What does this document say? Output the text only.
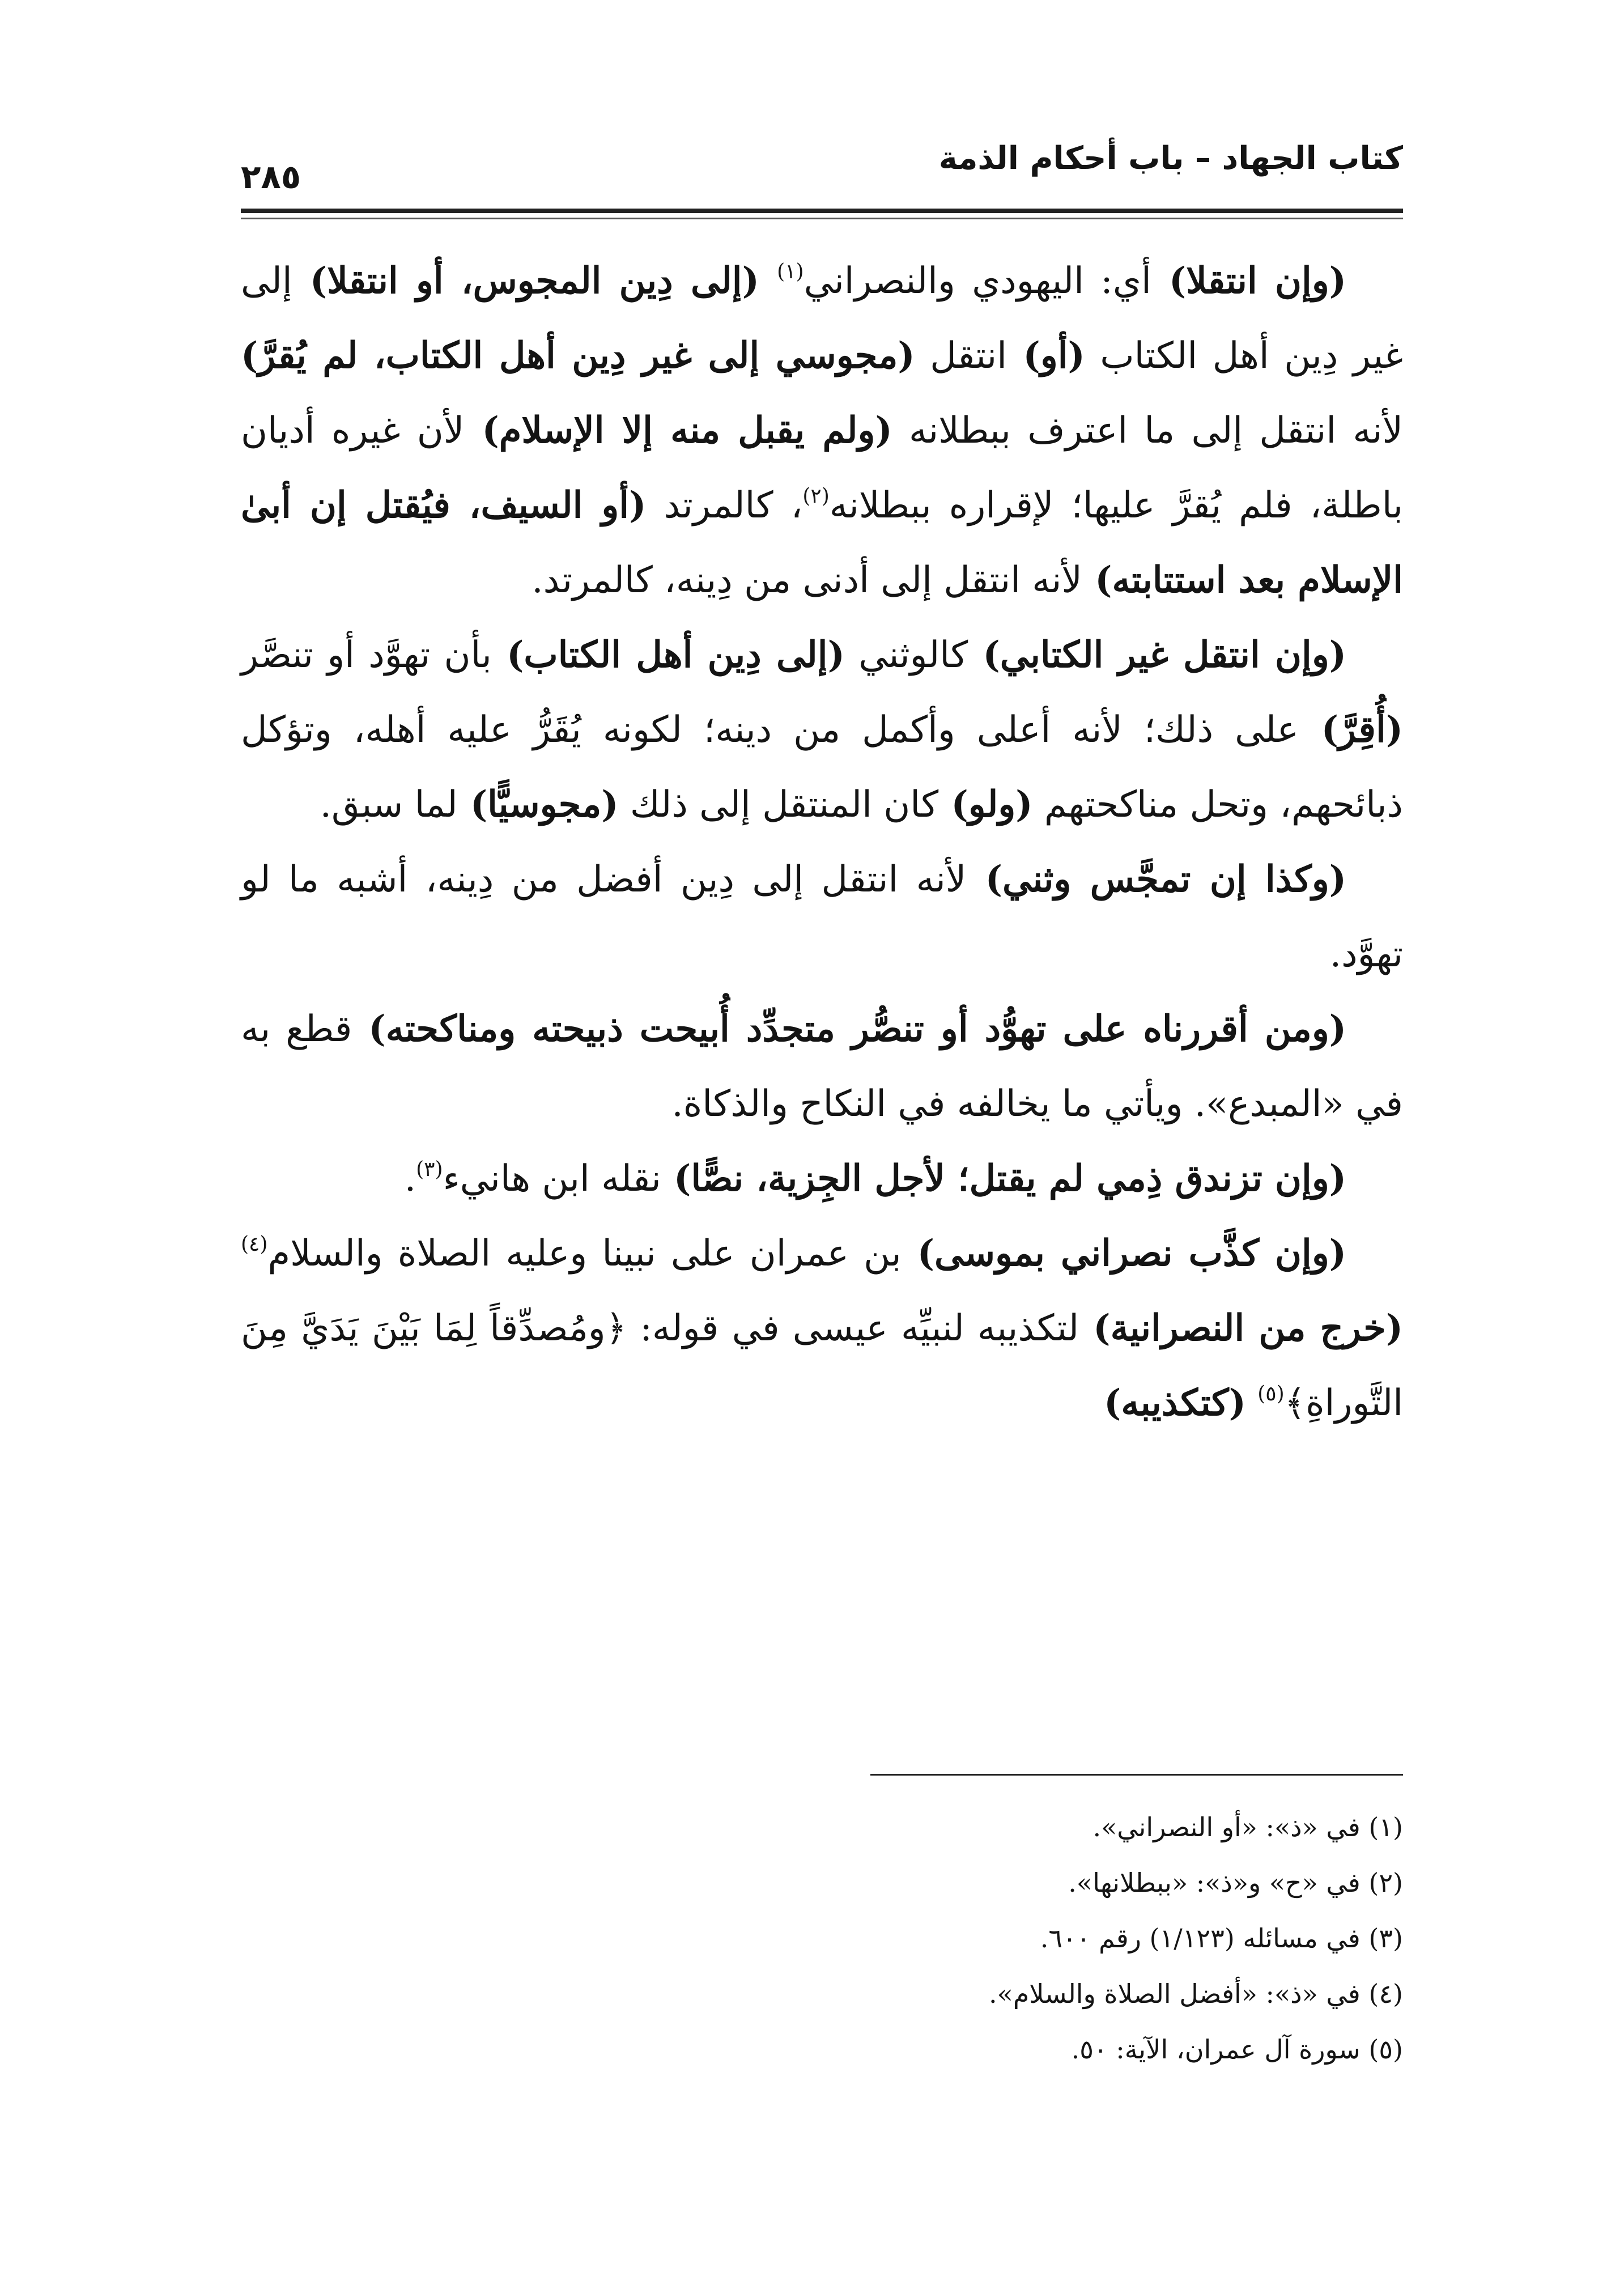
كتاب الجهاد – باب أحكام الذمة
٢٨٥

(وإن انتقلا) أي: اليهودي والنصراني$^{(١)}$ (إلى دِين المجوس، أو انتقلا) إلى غير دِين أهل الكتاب (أو) انتقل (مجوسي إلى غير دِين أهل الكتاب، لم يُقرَّ) لأنه انتقل إلى ما اعترف ببطلانه (ولم يقبل منه إلا الإسلام) لأن غيره أديان باطلة، فلم يُقرَّ عليها؛ لإقراره ببطلانه$^{(٢)}$، كالمرتد (أو السيف، فيُقتل إن أبىٰ الإسلام بعد استتابته) لأنه انتقل إلى أدنى من دِينه، كالمرتد.

(وإن انتقل غير الكتابي) كالوثني (إلى دِين أهل الكتاب) بأن تهوَّد أو تنصَّر (أُقِرَّ) على ذلك؛ لأنه أعلى وأكمل من دينه؛ لكونه يُقَرُّ عليه أهله، وتؤكل ذبائحهم، وتحل مناكحتهم (ولو) كان المنتقل إلى ذلك (مجوسيًّا) لما سبق.

(وكذا إن تمجَّس وثني) لأنه انتقل إلى دِين أفضل من دِينه، أشبه ما لو تهوَّد.

(ومن أقررناه على تهوُّد أو تنصُّر متجدِّد أُبيحت ذبيحته ومناكحته) قطع به في «المبدع». ويأتي ما يخالفه في النكاح والذكاة.

(وإن تزندق ذِمي لم يقتل؛ لأجل الجِزية، نصًّا) نقله ابن هانيء$^{(٣)}$.

(وإن كذَّب نصراني بموسى) بن عمران على نبينا وعليه الصلاة والسلام$^{(٤)}$ (خرج من النصرانية) لتكذيبه لنبيِّه عيسى في قوله: ﴿ومُصدِّقاً لِمَا بَيْنَ يَدَيَّ مِنَ التَّوراةِ﴾$^{(٥)}$ (كتكذيبه)

(١) في «ذ»: «أو النصراني».
(٢) في «ح» و«ذ»: «ببطلانها».
(٣) في مسائله (١/١٢٣) رقم ٦٠٠.
(٤) في «ذ»: «أفضل الصلاة والسلام».
(٥) سورة آل عمران، الآية: ٥٠.
